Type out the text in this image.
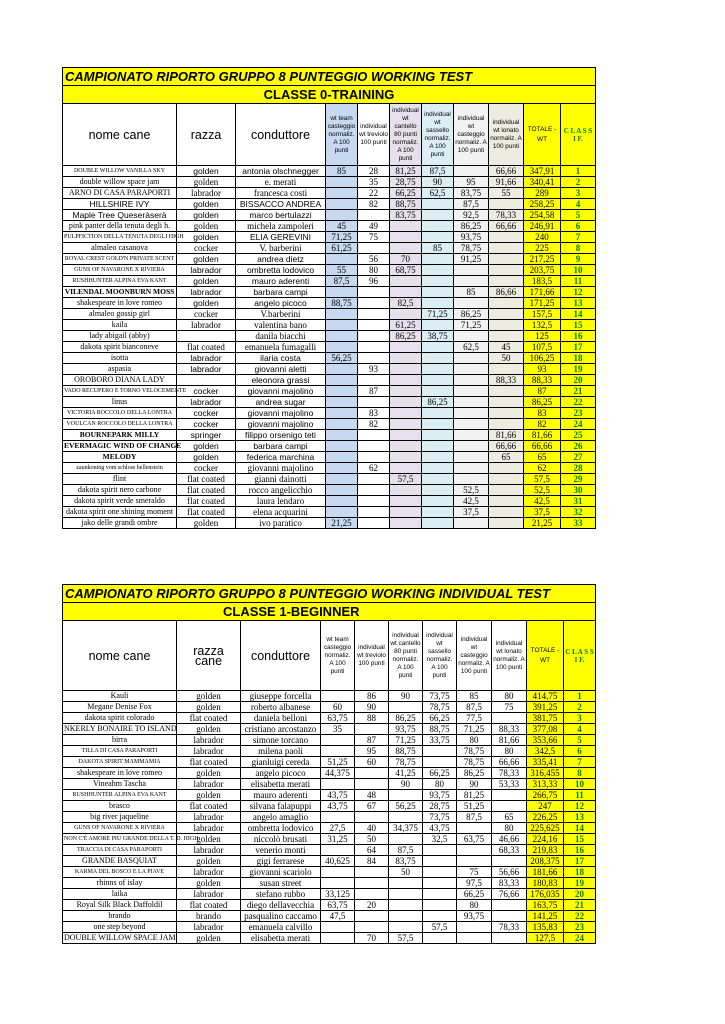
CAMPIONATO RIPORTO GRUPPO 8 PUNTEGGIO WORKING TEST										
CLASSE 0-TRAINING										
nome cane	razza	conduttore	wt team casteggio normaliz. A 100 punti	individual wt treviolo 100 punti	individual wt cantello 80 punti normaliz. A 100 punti	individual wt sassello normaliz. A 100 punti	individual wt casteggio normaliz. A 100 punti	individual wt lonato normaliz. A 100 punti	TOTALE - WT	C L A S S I F.
DOUBLE WILLOW VANILLA SKY	golden	antonia olschnegger	85	28	81,25	87,5		66,66	347,91	1
double willow space jam	golden	e. merati		35	28,75	90	95	91,66	340,41	2
ARNO DI CASA PARAPORTI	labrador	francesca costi		22	66,25	62,5	83,75	55	289	3
HILLSHIRE IVY	golden	BISSACCO ANDREA		82	88,75		87,5		258,25	4
Maple Tree Queseràserà	golden	marco bertulazzi			83,75		92,5	78,33	254,58	5
pink panter della tenuta degli h.	golden	michela zampoleri	45	49			86,25	66,66	246,91	6
PULPFICTION DELLA TENUTA DEGLI HIGH	golden	ELIA GEREVINI	71,25	75			93,75		240	7
almaleo casanova	cocker	V. barberini	61,25			85	78,75		225	8
ROYAL CREST GOLD'N PRIVATE SCENT	golden	andrea dietz		56	70		91,25		217,25	9
GUNS OF NAVARONE X RIVIERA	labrador	ombretta lodovico	55	80	68,75				203,75	10
RUSHHUNTER ALPINA EVA KANT	golden	mauro aderenti	87,5	96					183,5	11
VILENDAL MOONBURN MOSS	labrador	barbara campi					85	86,66	171,66	12
shakespeare in love romeo	golden	angelo picoco	88,75		82,5				171,25	13
almaleo gossip girl	cocker	V.barberini				71,25	86,25		157,5	14
kaila	labrador	valentina bano			61,25		71,25		132,5	15
lady abigail (abby)		danila biacchi			86,25	38,75			125	16
dakota spirit bianconeve	flat coated	emanuela fumagalli					62,5	45	107,5	17
isotta	labrador	ilaria costa	56,25					50	106,25	18
aspasia	labrador	giovanni aletti		93					93	19
OROBORO DIANA LADY		eleonora grassi						88,33	88,33	20
VADO RECUPERO E TORNO VELOCEMENTE	cocker	giovanni majolino		87					87	21
linus	labrador	andrea sugar				86,25			86,25	22
VICTORIA ROCCOLO DELLA LONTRA	cocker	giovanni majolino		83					83	23
VOULCAN ROCCOLO DELLA LONTRA	cocker	giovanni majolino		82					82	24
BOURNEPARK MILLY	springer	filippo orsenigo teti						81,66	81,66	25
EVERMAGIC WIND OF CHANGE	golden	barbara campi						66,66	66,66	26
MELODY	golden	federica marchina						65	65	27
zaunkoning vom schloss hellenstein	cocker	giovanni majolino		62					62	28
flint	flat coated	gianni dainotti			57,5				57,5	29
dakota spirit nero carbone	flat coated	rocco angelicchio					52,5		52,5	30
dakota spirit verde smeraldo	flat coated	laura lendaro					42,5		42,5	31
dakota spirit one shining moment	flat coated	elena acquarini					37,5		37,5	32
jako delle grandi ombre	golden	ivo paratico	21,25						21,25	33
CAMPIONATO RIPORTO GRUPPO 8 PUNTEGGIO WORKING INDIVIDUAL TEST										
CLASSE 1-BEGINNER										
nome cane	razza cane	conduttore	wt team casteggio normaliz. A 100 punti	individual wt treviolo 100 punti	individual wt cantello 80 punti normaliz. A 100 punti	individual wt sassello normaliz. A 100 punti	individual wt casteggio normaliz. A 100 punti	individual wt lonato normaliz. A 100 punti	TOTALE - WT	C L A S S I F.
Kauli	golden	giuseppe forcella		86	90	73,75	85	80	414,75	1
Megane Denise Fox	golden	roberto albanese	60	90		78,75	87,5	75	391,25	2
dakota spirit colorado	flat coated	daniela belloni	63,75	88	86,25	66,25	77,5		381,75	3
NKERLY BONAIRE TO ISLAND	golden	cristiano arcostanzo	35		93,75	88,75	71,25	88,33	377,08	4
birra	labrador	simone torcano		87	71,25	33,75	80	81,66	353,66	5
TILLA DI CASA PARAPORTI	labrador	milena paoli		95	88,75		78,75	80	342,5	6
DAKOTA SPIRIT MAMMAMIA	flat coated	gianluigi cereda	51,25	60	78,75		78,75	66,66	335,41	7
shakespeare in love romeo	golden	angelo picoco	44,375		41,25	66,25	86,25	78,33	316,455	8
Vineahm Tascha	labrador	elisabetta merati			90	80	90	53,33	313,33	10
RUSHHUNTER ALPINA EVA KANT	golden	mauro aderenti	43,75	48		93,75	81,25		266,75	11
brasco	flat coated	silvana falapuppi	43,75	67	56,25	28,75	51,25		247	12
big river jaqueline	labrador	angelo amaglio				73,75	87,5	65	226,25	13
GUNS OF NAVARONE X RIVIERA	labrador	ombretta lodovico	27,5	40	34,375	43,75		80	225,625	14
NON C'È AMORE PIÙ GRANDE DELLA T. D. HIGH	golden	niccolò brusati	31,25	50		32,5	63,75	46,66	224,16	15
TRACCIA DI CASA PARAPORTI	labrador	venerio monti		64	87,5			68,33	219,83	16
GRANDE BASQUIAT	golden	gigi ferrarese	40,625	84	83,75				208,375	17
KARMA DEL BOSCO E LA PIAVE	labrador	giovanni scariolo			50		75	56,66	181,66	18
rhinns of islay	golden	susan street					97,5	83,33	180,83	19
laika	labrador	stefano rubbo	33,125				66,25	76,66	176,035	20
Royal Silk Black Daffoldil	flat coated	diego dellavecchia	63,75	20			80		163,75	21
brando	brando	pasqualino caccamo	47,5				93,75		141,25	22
one step beyond	labrador	emanuela calvillo				57,5		78,33	135,83	23
DOUBLE WILLOW SPACE JAM	golden	elisabetta merati		70	57,5				127,5	24
